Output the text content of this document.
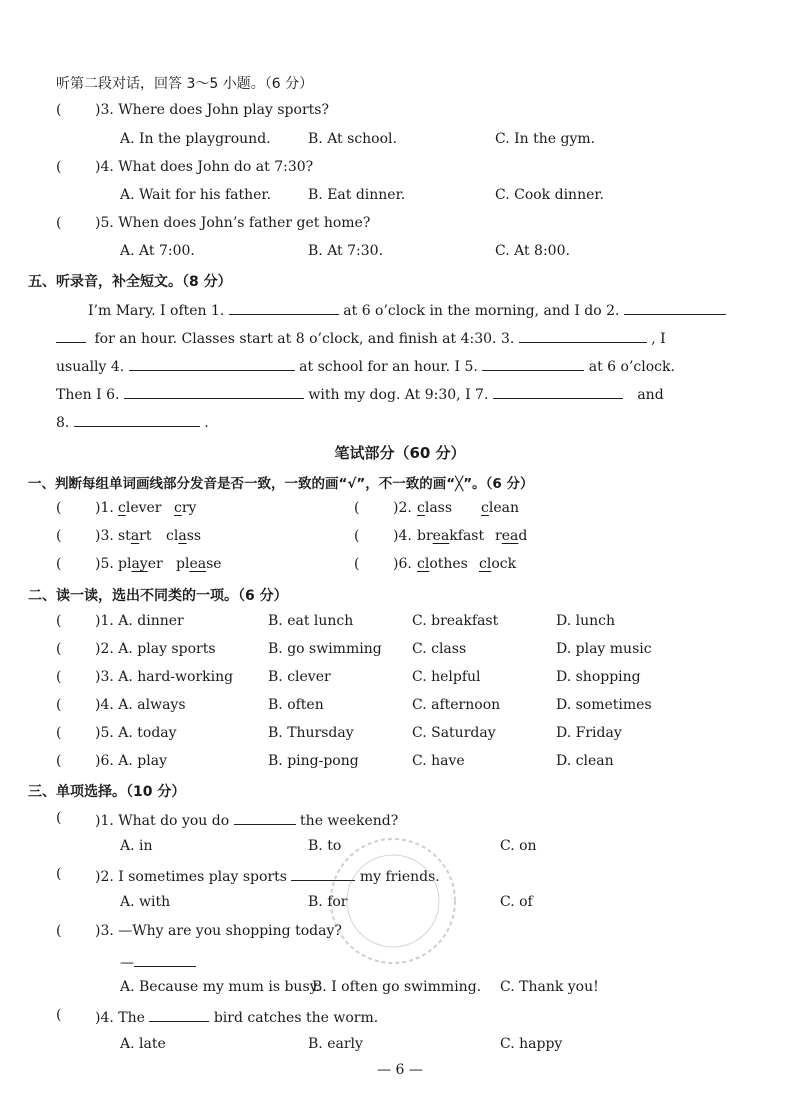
听第二段对话，回答 3～5 小题。（6 分）
( )3. Where does John play sports?
A. In the playground.	B. At school.	C. In the gym.
( )4. What does John do at 7:30?
A. Wait for his father.	B. Eat dinner.	C. Cook dinner.
( )5. When does John’s father get home?
A. At 7:00.	B. At 7:30.	C. At 8:00.
五、听录音，补全短文。（8 分）
I’m Mary. I often 1.	at 6 o’clock in the morning, and I do 2.
for an hour. Classes start at 8 o’clock, and finish at 4:30. 3.	, I
usually 4.	at school for an hour. I 5.	at 6 o’clock.
Then I 6.	with my dog. At 9:30, I 7.	and
8.	.
笔试部分（60 分）
一、判断每组单词画线部分发音是否一致，一致的画“√”，不一致的画“╳”。（6 分）
( )1. clever cry	( )2. class clean
( )3. start class	( )4. breakfast read
( )5. player please	( )6. clothes clock
二、读一读，选出不同类的一项。（6 分）
( )1. A. dinner	B. eat lunch	C. breakfast	D. lunch
( )2. A. play sports	B. go swimming C. class	D. play music
( )3. A. hard-working B. clever	C. helpful	D. shopping
( )4. A. always	B. often	C. afternoon	D. sometimes
( )5. A. today	B. Thursday	C. Saturday	D. Friday
( )6. A. play	B. ping-pong	C. have	D. clean
三、单项选择。（10 分）
( )1. What do you do	the weekend?
A. in	B. to	C. on
( )2. I sometimes play sports	my friends.
A. with	B. for	C. of
( )3. —Why are you shopping today?
—
A. Because my mum is busy.
B. I often go swimming. C. Thank you!
( )4. The	bird catches the worm.
A. late	B. early	C. happy
— 6 —
